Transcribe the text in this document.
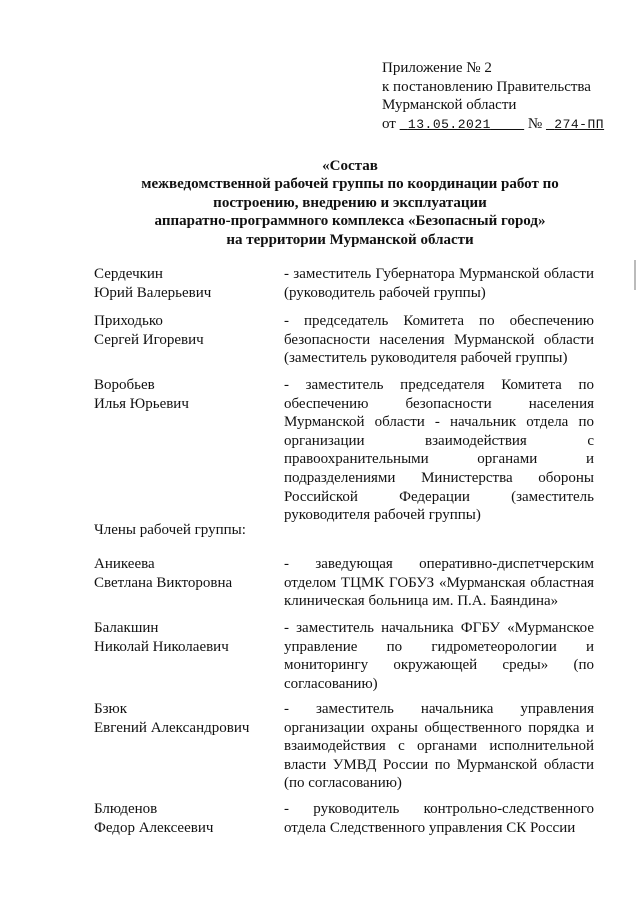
Приложение № 2
к постановлению Правительства
Мурманской области
от 13.05.2021 № 274-ПП
«Состав
межведомственной рабочей группы по координации работ по
построению, внедрению и эксплуатации
аппаратно-программного комплекса «Безопасный город»
на территории Мурманской области
Сердечкин
Юрий Валерьевич
- заместитель Губернатора Мурманской области (руководитель рабочей группы)
Приходько
Сергей Игоревич
- председатель Комитета по обеспечению безопасности населения Мурманской области (заместитель руководителя рабочей группы)
Воробьев
Илья Юрьевич
- заместитель председателя Комитета по обеспечению безопасности населения Мурманской области - начальник отдела по организации взаимодействия с правоохранительными органами и подразделениями Министерства обороны Российской Федерации (заместитель руководителя рабочей группы)
Члены рабочей группы:
Аникеева
Светлана Викторовна
- заведующая оперативно-диспетчерским отделом ТЦМК ГОБУЗ «Мурманская областная клиническая больница им. П.А. Баяндина»
Балакшин
Николай Николаевич
- заместитель начальника ФГБУ «Мурманское управление по гидрометеорологии и мониторингу окружающей среды» (по согласованию)
Бзюк
Евгений Александрович
- заместитель начальника управления организации охраны общественного порядка и взаимодействия с органами исполнительной власти УМВД России по Мурманской области (по согласованию)
Блюденов
Федор Алексеевич
- руководитель контрольно-следственного отдела Следственного управления СК России
